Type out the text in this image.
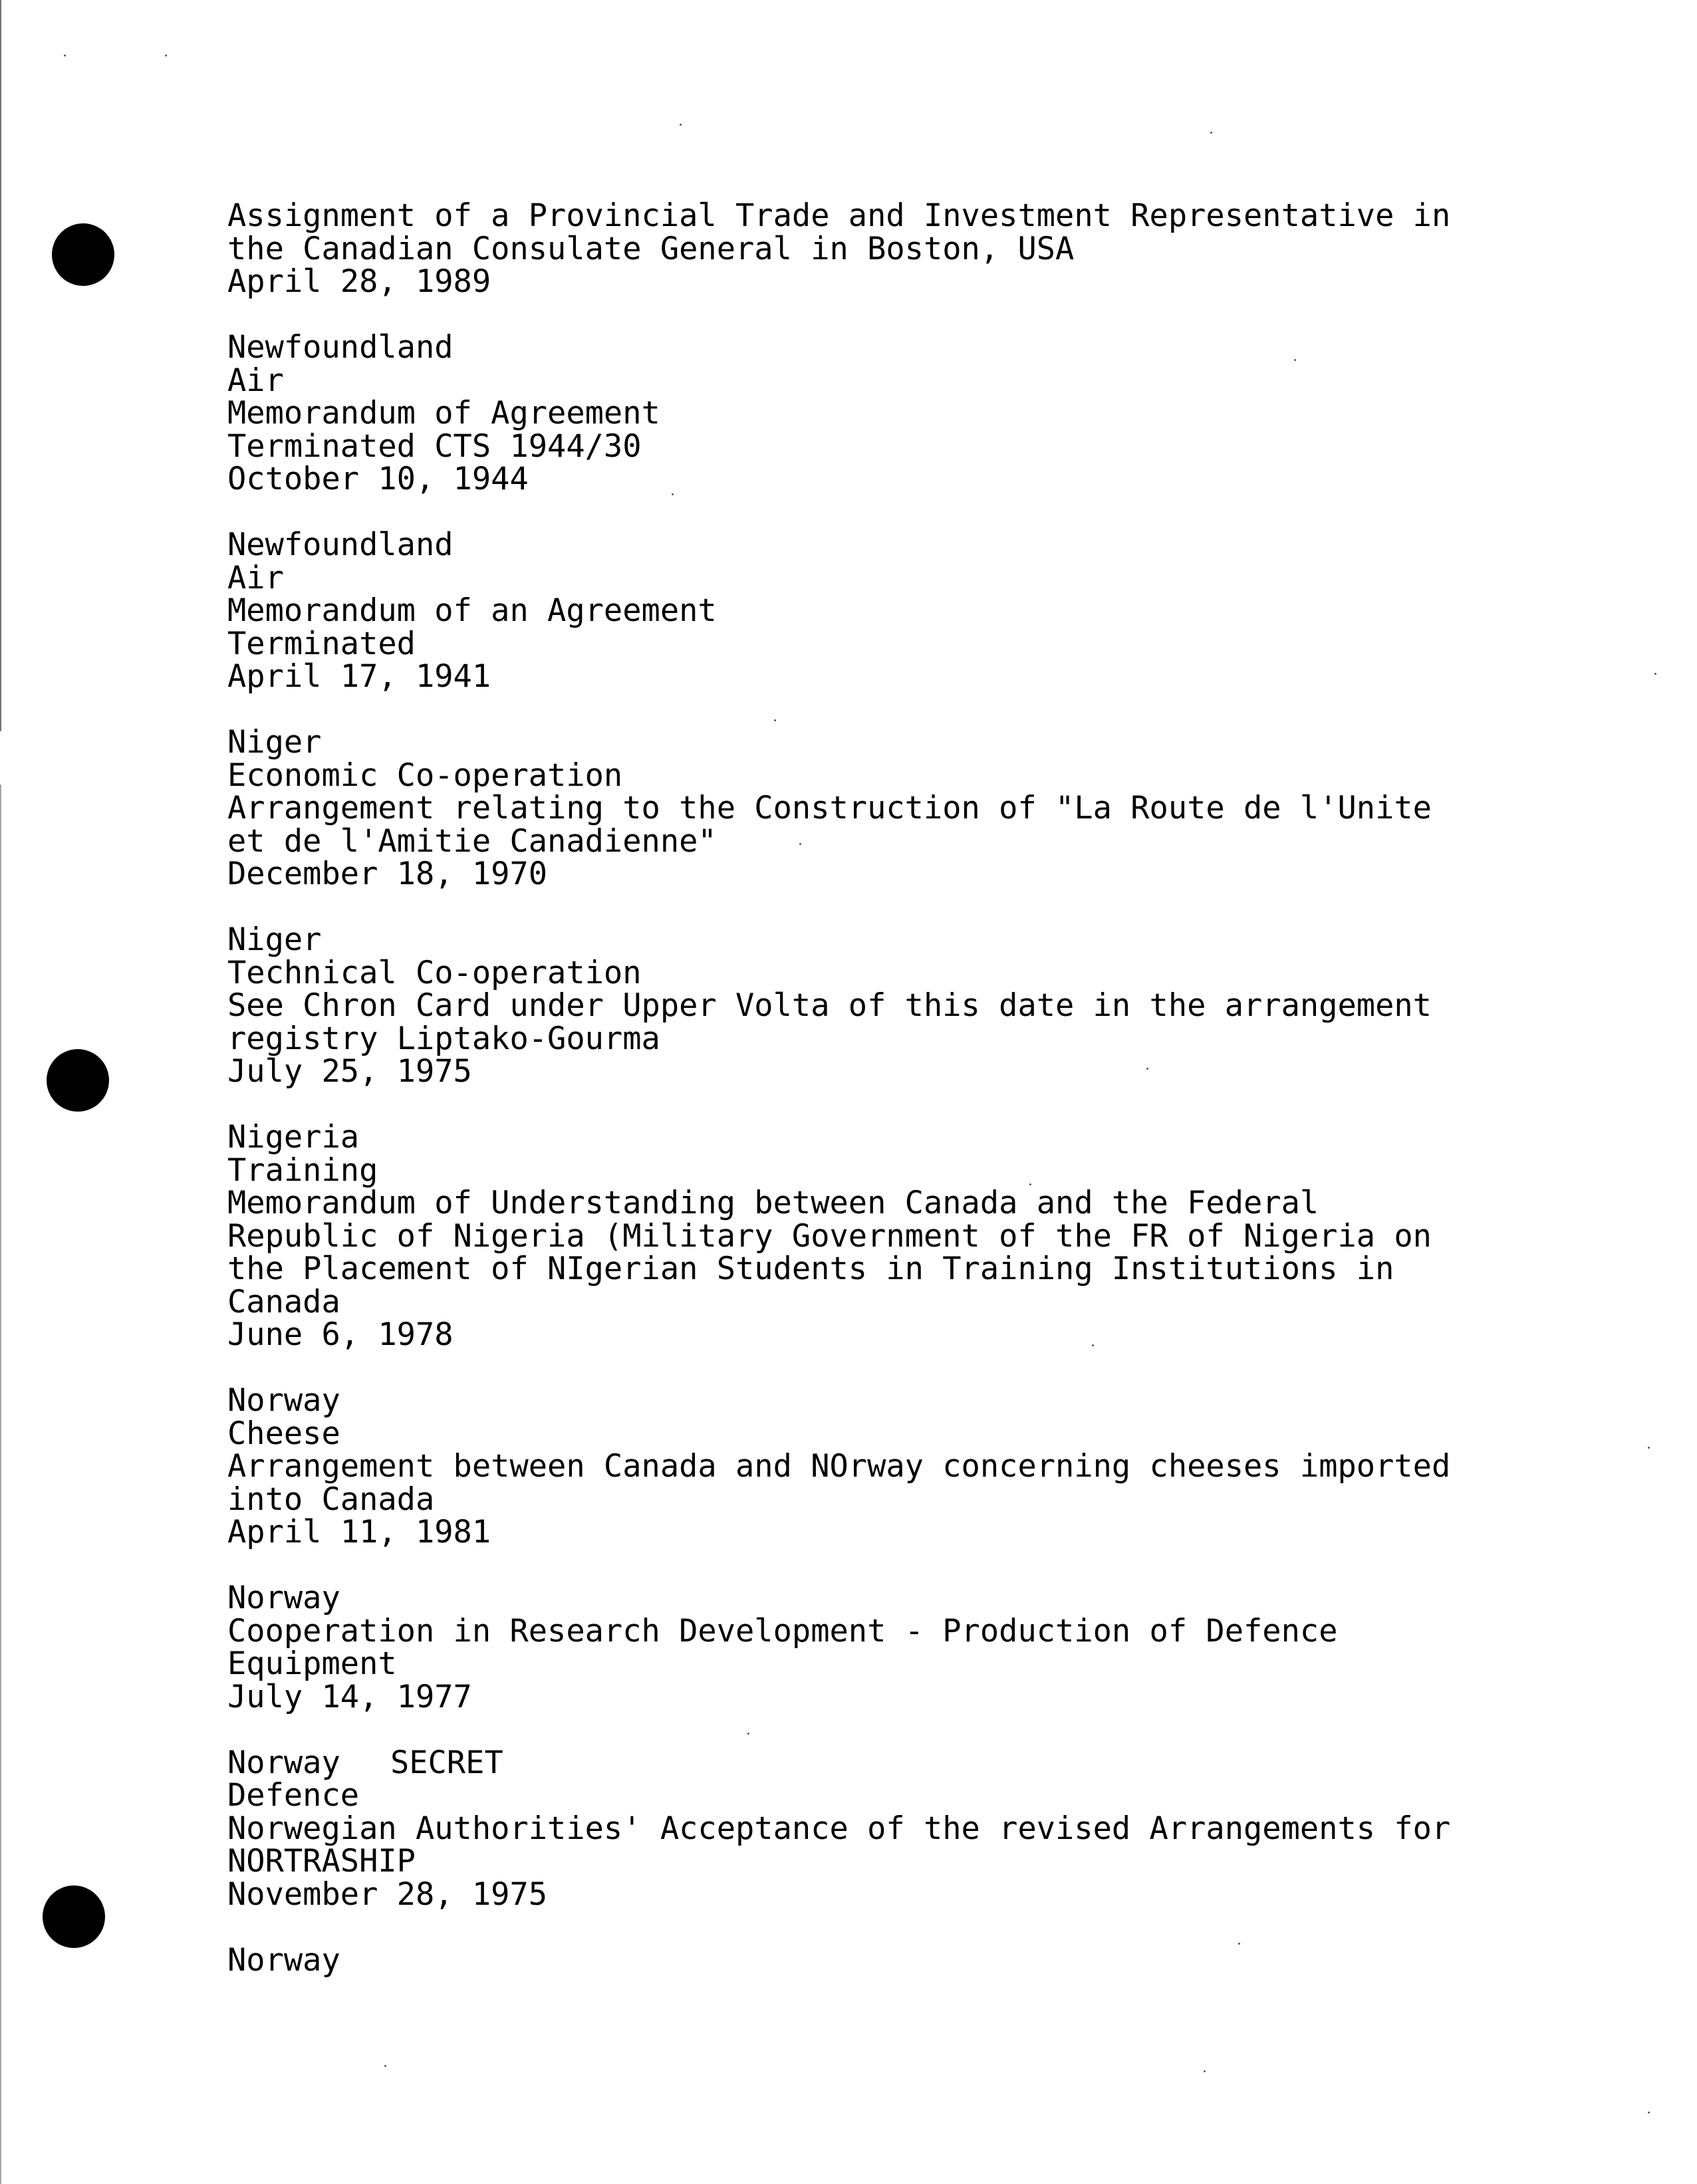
Assignment of a Provincial Trade and Investment Representative in
the Canadian Consulate General in Boston, USA
April 28, 1989
Newfoundland
Air
Memorandum of Agreement
Terminated CTS 1944/30
October 10, 1944
Newfoundland
Air
Memorandum of an Agreement
Terminated
April 17, 1941
Niger
Economic Co-operation
Arrangement relating to the Construction of "La Route de l'Unite
et de l'Amitie Canadienne"
December 18, 1970
Niger
Technical Co-operation
See Chron Card under Upper Volta of this date in the arrangement
registry Liptako-Gourma
July 25, 1975
Nigeria
Training
Memorandum of Understanding between Canada and the Federal
Republic of Nigeria (Military Government of the FR of Nigeria on
the Placement of NIgerian Students in Training Institutions in
Canada
June 6, 1978
Norway
Cheese
Arrangement between Canada and NOrway concerning cheeses imported
into Canada
April 11, 1981
Norway
Cooperation in Research Development - Production of Defence
Equipment
July 14, 1977
Norway SECRET
Defence
Norwegian Authorities' Acceptance of the revised Arrangements for
NORTRASHIP
November 28, 1975
Norway
